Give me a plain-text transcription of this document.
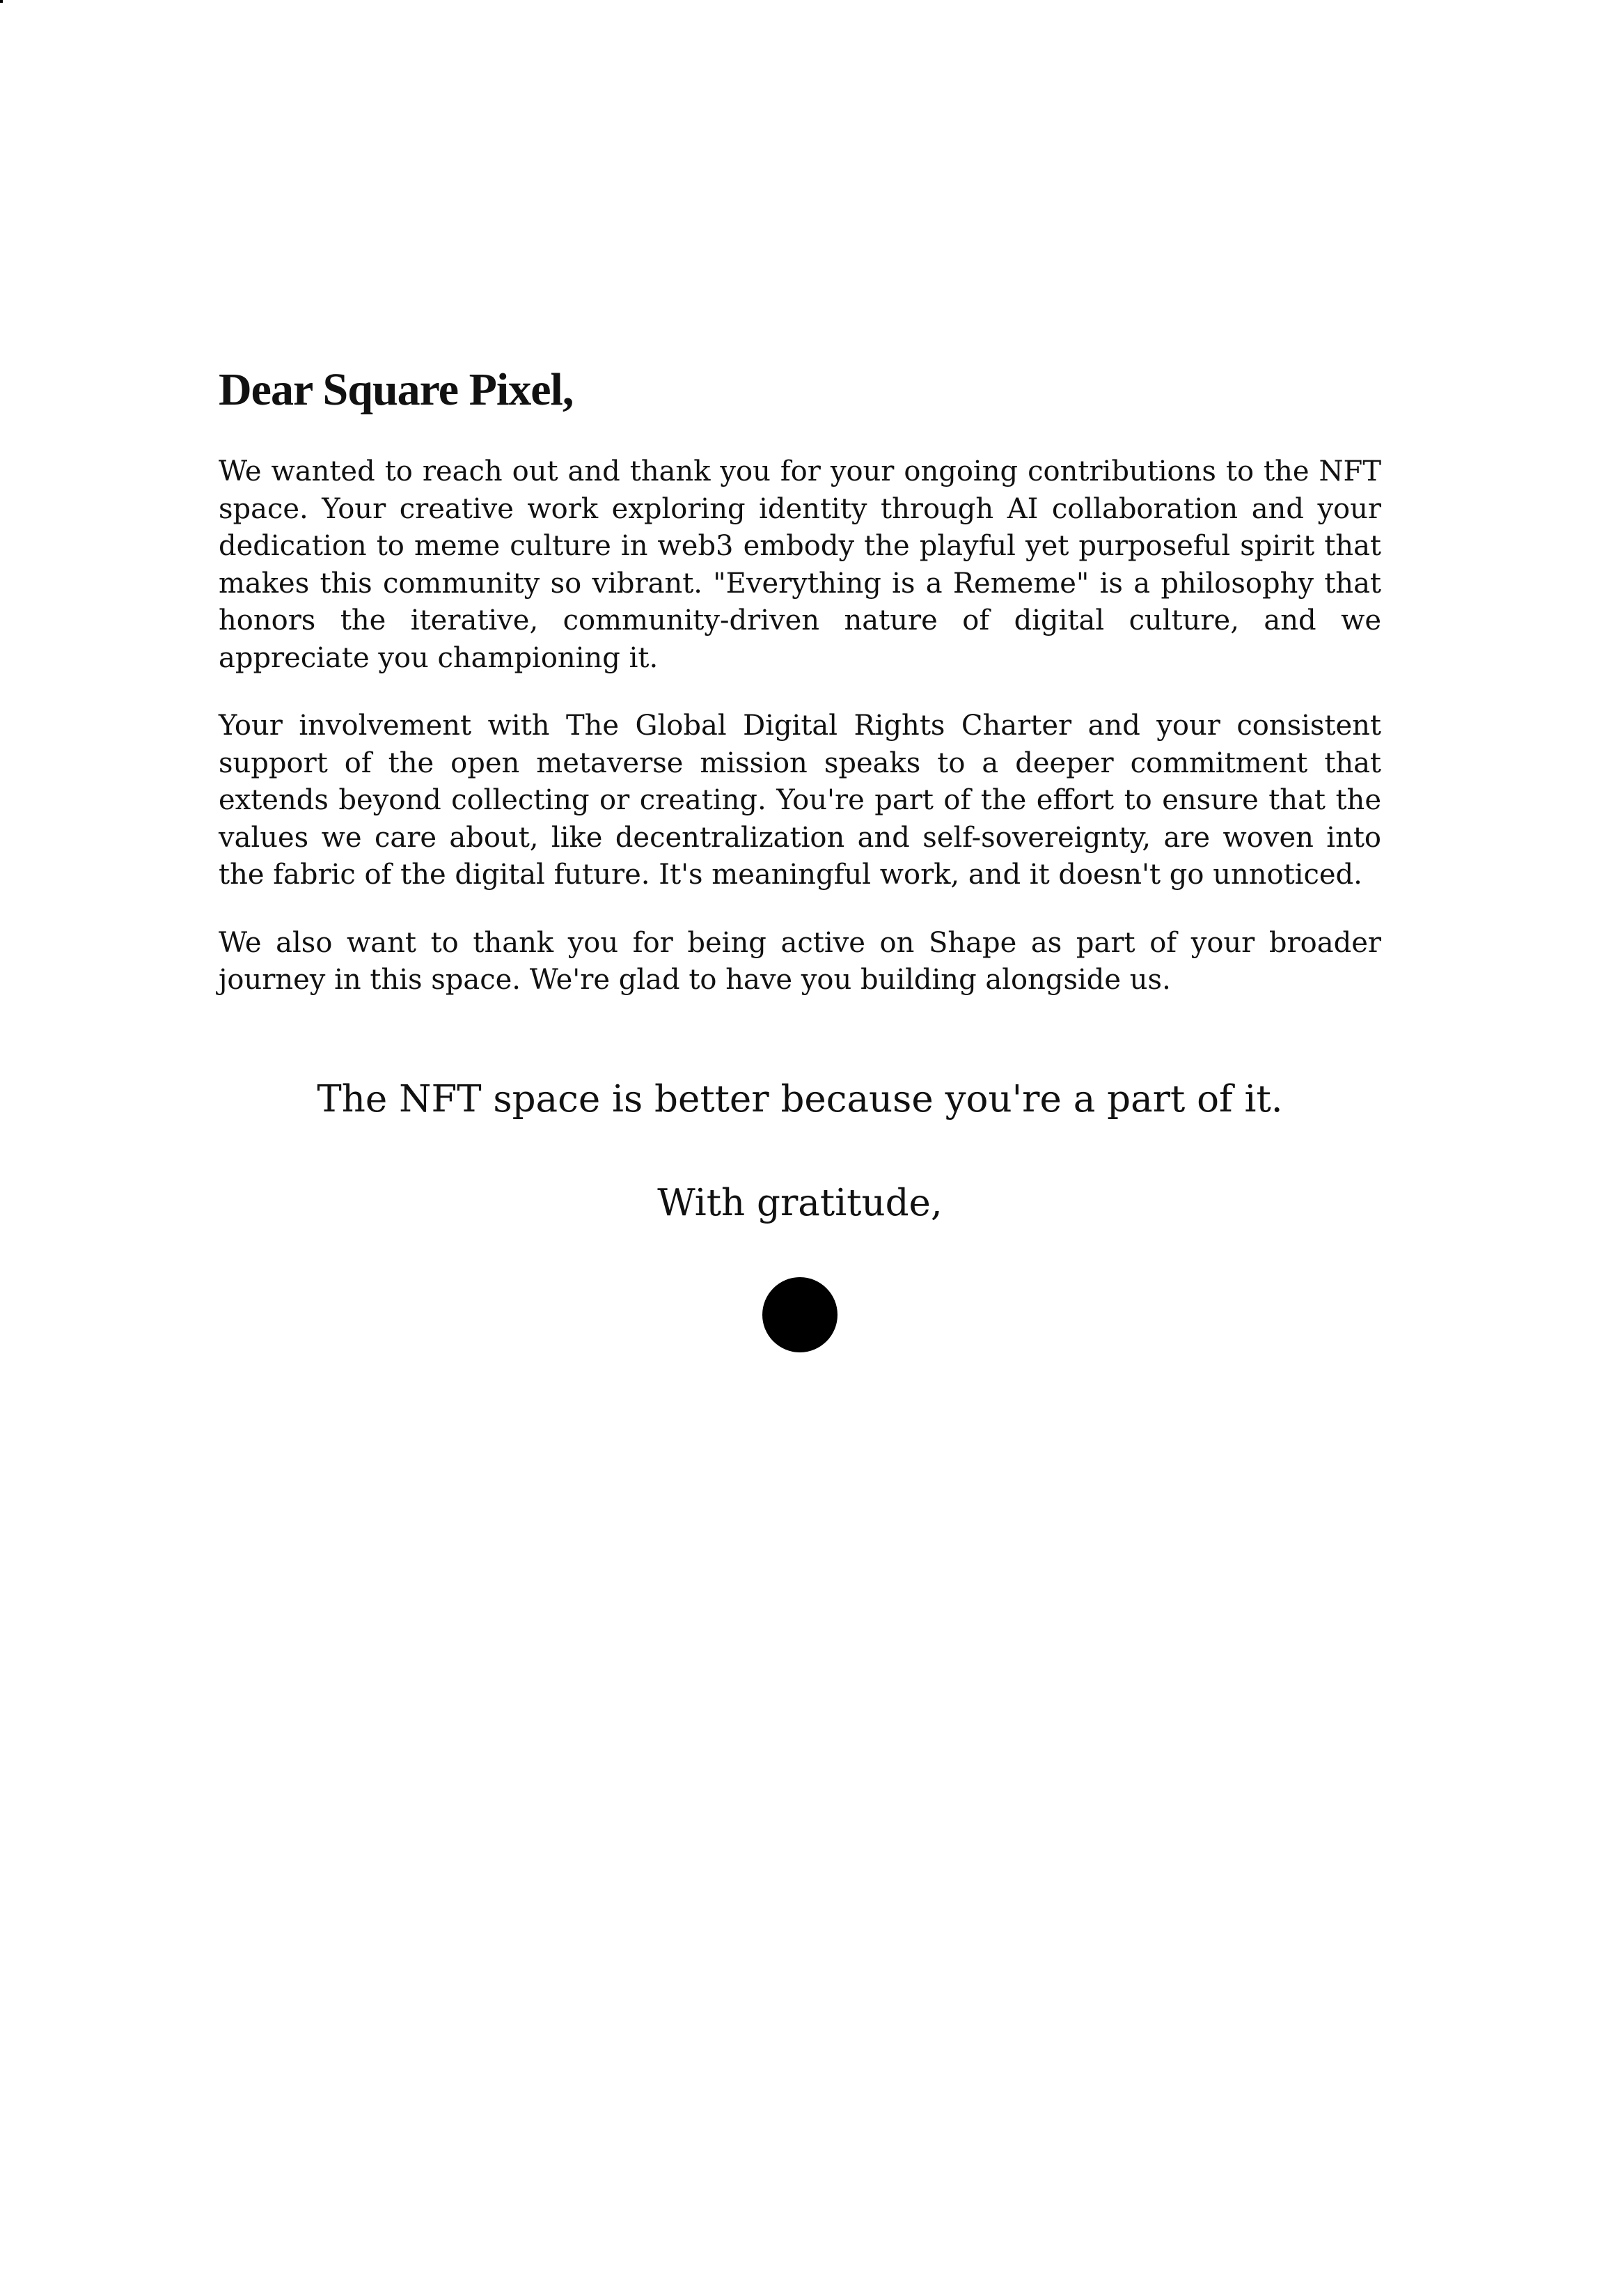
Dear Square Pixel,

We wanted to reach out and thank you for your ongoing contributions to the NFT space. Your creative work exploring identity through AI collaboration and your dedication to meme culture in web3 embody the playful yet purposeful spirit that makes this community so vibrant. "Everything is a Rememe" is a philosophy that honors the iterative, community-driven nature of digital culture, and we appreciate you championing it.

Your involvement with The Global Digital Rights Charter and your consistent support of the open metaverse mission speaks to a deeper commitment that extends beyond collecting or creating. You're part of the effort to ensure that the values we care about, like decentralization and self-sovereignty, are woven into the fabric of the digital future. It's meaningful work, and it doesn't go unnoticed.

We also want to thank you for being active on Shape as part of your broader journey in this space. We're glad to have you building alongside us.

The NFT space is better because you're a part of it.

With gratitude,
